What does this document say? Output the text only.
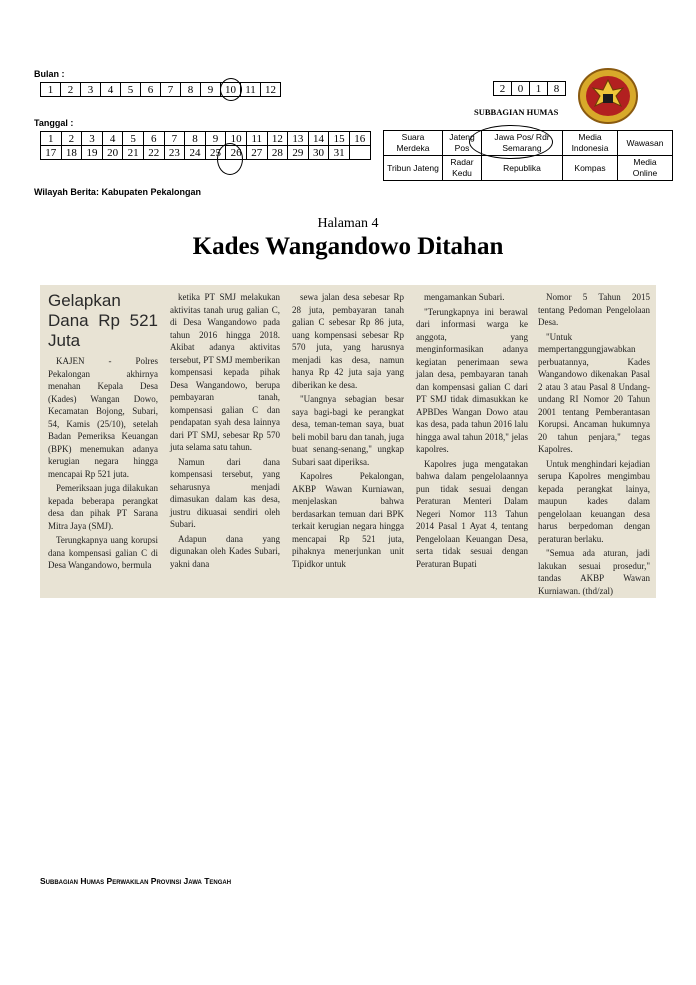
Bulan :
1	2	3	4	5	6	7	8	9	10	11	12
Tanggal :
1	2	3	4	5	6	7	8	9	10	11	12	13	14	15	16
17	18	19	20	21	22	23	24	25	26	27	28	29	30	31	
2	0	1	8
SUBBAGIAN HUMAS
Suara Merdeka	Jateng Pos	Jawa Pos/ Rdr Semarang	Media Indonesia	Wawasan
Tribun Jateng	Radar Kedu	Republika	Kompas	Media Online
Wilayah Berita: Kabupaten Pekalongan
Halaman 4
Kades Wangandowo Ditahan
Gelapkan Dana Rp 521 Juta

KAJEN - Polres Pekalongan akhirnya menahan Kepala Desa (Kades) Wangan Dowo, Kecamatan Bojong, Subari, 54, Kamis (25/10), setelah Badan Pemeriksa Keuangan (BPK) menemukan adanya kerugian negara hingga mencapai Rp 521 juta.

Pemeriksaan juga dilakukan kepada beberapa perangkat desa dan pihak PT Sarana Mitra Jaya (SMJ).

Terungkapnya uang korupsi dana kompensasi galian C di Desa Wangandowo, bermula

ketika PT SMJ melakukan aktivitas tanah urug galian C, di Desa Wangandowo pada tahun 2016 hingga 2018. Akibat adanya aktivitas tersebut, PT SMJ memberikan kompensasi kepada pihak Desa Wangandowo, berupa pembayaran tanah, kompensasi galian C dan pendapatan syah desa lainnya dari PT SMJ, sebesar Rp 570 juta selama satu tahun.

Namun dari dana kompensasi tersebut, yang seharusnya menjadi dimasukan dalam kas desa, justru dikuasai sendiri oleh Subari.

Adapun dana yang digunakan oleh Kades Subari, yakni dana

sewa jalan desa sebesar Rp 28 juta, pembayaran tanah galian C sebesar Rp 86 juta, uang kompensasi sebesar Rp 570 juta, yang harusnya menjadi kas desa, namun hanya Rp 42 juta saja yang diberikan ke desa.

"Uangnya sebagian besar saya bagi-bagi ke perangkat desa, teman-teman saya, buat beli mobil baru dan tanah, juga buat senang-senang," ungkap Subari saat diperiksa.

Kapolres Pekalongan, AKBP Wawan Kurniawan, menjelaskan bahwa berdasarkan temuan dari BPK terkait kerugian negara hingga mencapai Rp 521 juta, pihaknya menerjunkan unit Tipidkor untuk

mengamankan Subari.

"Terungkapnya ini berawal dari informasi warga ke anggota, yang menginformasikan adanya kegiatan penerimaan sewa jalan desa, pembayaran tanah dan kompensasi galian C dari PT SMJ tidak dimasukkan ke APBDes Wangan Dowo atau kas desa, pada tahun 2016 lalu hingga awal tahun 2018," jelas kapolres.

Kapolres juga mengatakan bahwa dalam pengelolaannya pun tidak sesuai dengan Peraturan Menteri Dalam Negeri Nomor 113 Tahun 2014 Pasal 1 Ayat 4, tentang Pengelolaan Keuangan Desa, serta tidak sesuai dengan Peraturan Bupati

Nomor 5 Tahun 2015 tentang Pedoman Pengelolaan Desa.

"Untuk mempertanggungjawabkan perbuatannya, Kades Wangandowo dikenakan Pasal 2 atau 3 atau Pasal 8 Undang-undang RI Nomor 20 Tahun 2001 tentang Pemberantasan Korupsi. Ancaman hukumnya 20 tahun penjara," tegas Kapolres.

Untuk menghindari kejadian serupa Kapolres mengimbau kepada perangkat lainya, maupun kades dalam pengelolaan keuangan desa harus berpedoman dengan peraturan berlaku.

"Semua ada aturan, jadi lakukan sesuai prosedur," tandas AKBP Wawan Kurniawan. (thd/zal)

Subbagian Humas Perwakilan Provinsi Jawa Tengah
